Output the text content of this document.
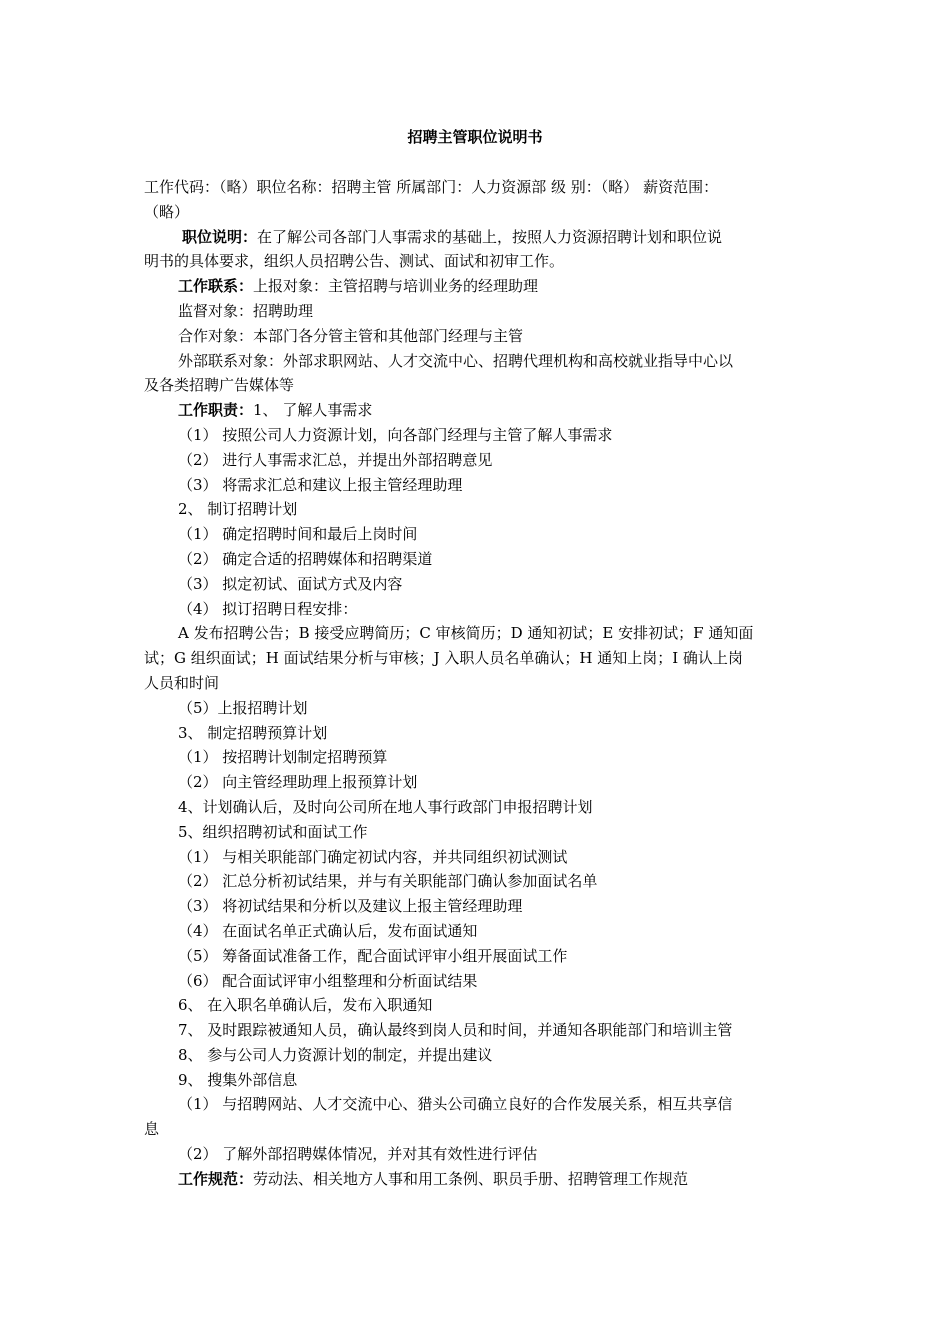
招聘主管职位说明书

工作代码：（略）职位名称：招聘主管 所属部门：人力资源部 级 别：（略） 薪资范围：

（略）

职位说明：在了解公司各部门人事需求的基础上，按照人力资源招聘计划和职位说

明书的具体要求，组织人员招聘公告、测试、面试和初审工作。

工作联系：上报对象：主管招聘与培训业务的经理助理

监督对象：招聘助理

合作对象：本部门各分管主管和其他部门经理与主管

外部联系对象：外部求职网站、人才交流中心、招聘代理机构和高校就业指导中心以

及各类招聘广告媒体等

工作职责：1、 了解人事需求

（1） 按照公司人力资源计划，向各部门经理与主管了解人事需求

（2） 进行人事需求汇总，并提出外部招聘意见

（3） 将需求汇总和建议上报主管经理助理

2、 制订招聘计划

（1） 确定招聘时间和最后上岗时间

（2） 确定合适的招聘媒体和招聘渠道

（3） 拟定初试、面试方式及内容

（4） 拟订招聘日程安排：

A 发布招聘公告；B 接受应聘简历；C 审核简历；D 通知初试；E 安排初试；F 通知面

试；G 组织面试；H 面试结果分析与审核；J 入职人员名单确认；H 通知上岗；I 确认上岗

人员和时间

（5）上报招聘计划

3、 制定招聘预算计划

（1） 按招聘计划制定招聘预算

（2） 向主管经理助理上报预算计划

4、计划确认后，及时向公司所在地人事行政部门申报招聘计划

5、组织招聘初试和面试工作

（1） 与相关职能部门确定初试内容，并共同组织初试测试

（2） 汇总分析初试结果，并与有关职能部门确认参加面试名单

（3） 将初试结果和分析以及建议上报主管经理助理

（4） 在面试名单正式确认后，发布面试通知

（5） 筹备面试准备工作，配合面试评审小组开展面试工作

（6） 配合面试评审小组整理和分析面试结果

6、 在入职名单确认后，发布入职通知

7、 及时跟踪被通知人员，确认最终到岗人员和时间，并通知各职能部门和培训主管

8、 参与公司人力资源计划的制定，并提出建议

9、 搜集外部信息

（1） 与招聘网站、人才交流中心、猎头公司确立良好的合作发展关系，相互共享信

息

（2） 了解外部招聘媒体情况，并对其有效性进行评估

工作规范：劳动法、相关地方人事和用工条例、职员手册、招聘管理工作规范
